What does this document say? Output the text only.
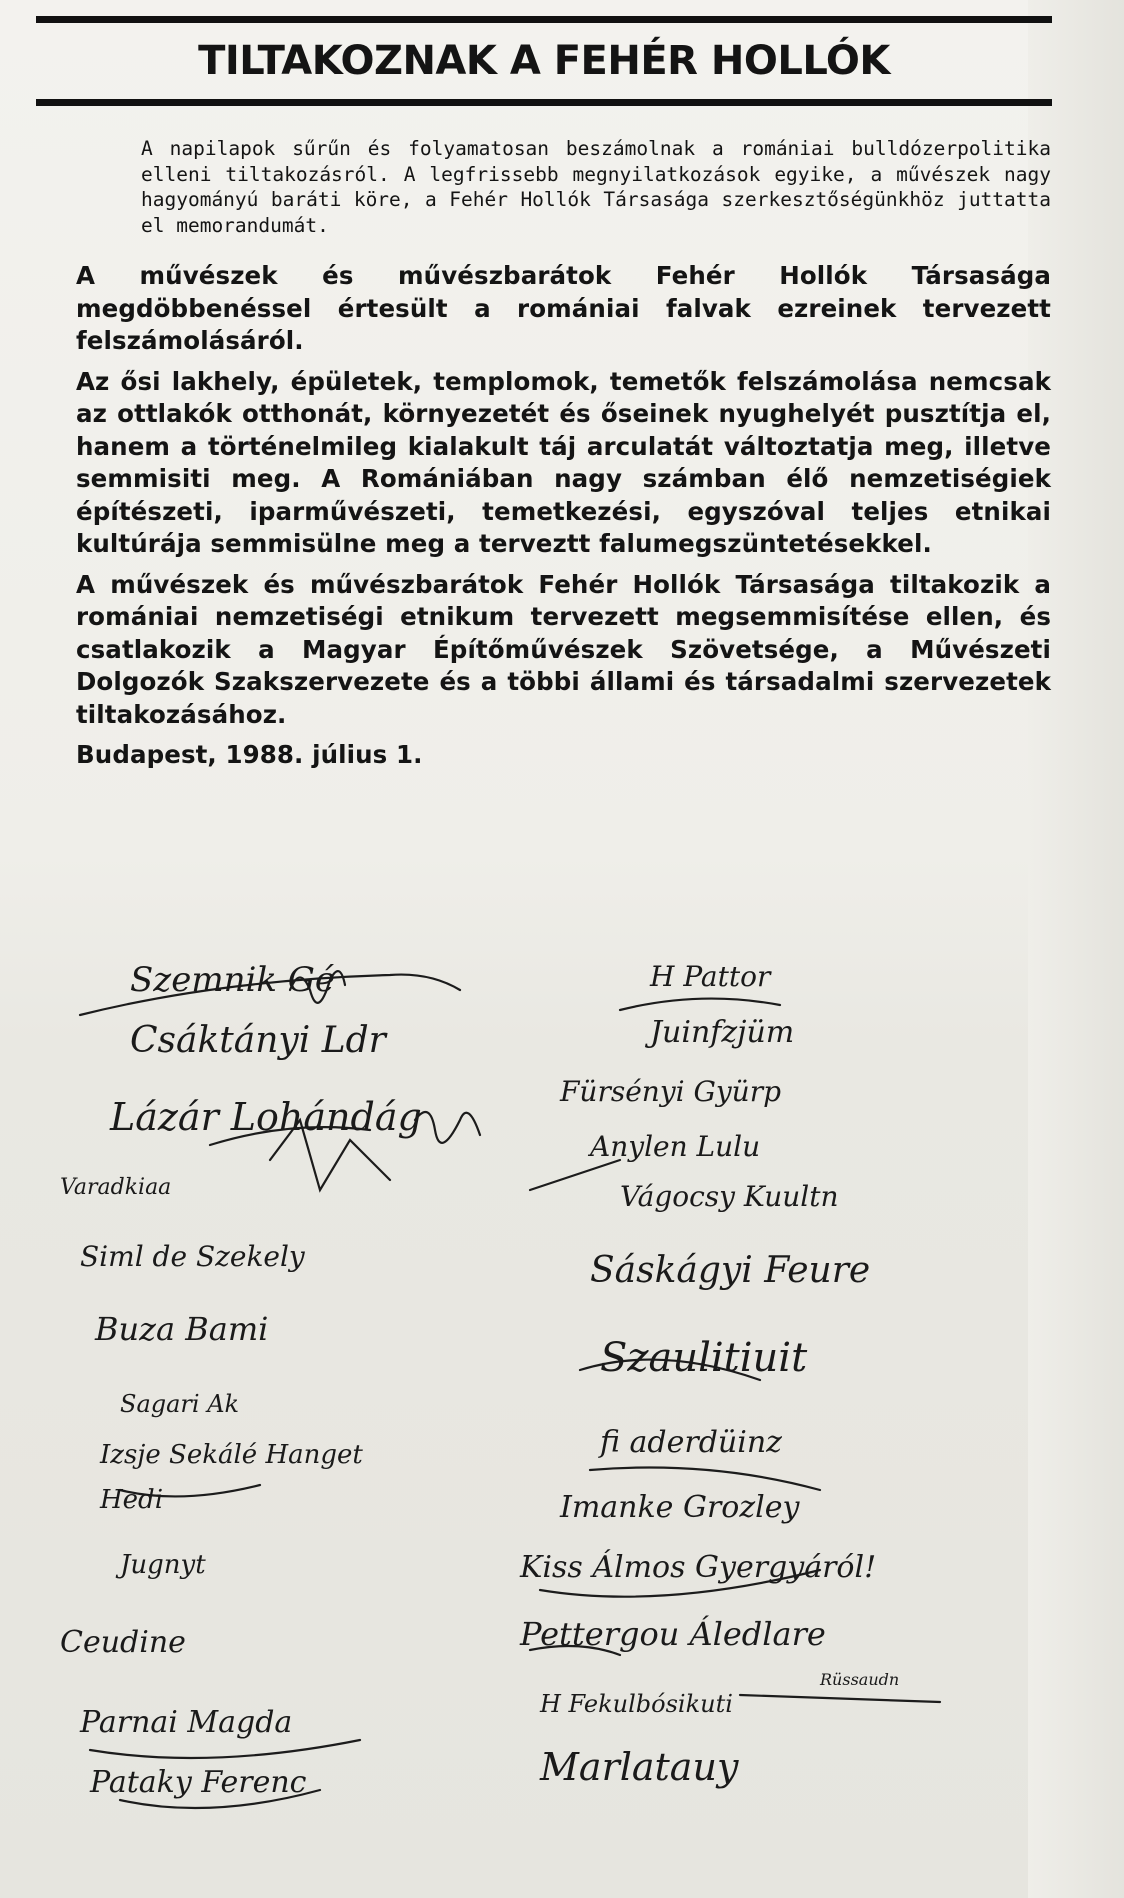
TILTAKOZNAK A FEHÉR HOLLÓK

A napilapok sűrűn és folyamatosan beszámolnak a romániai bulldózerpolitika elleni tiltakozásról. A legfrissebb megnyilatkozások egyike, a művészek nagy hagyományú baráti köre, a Fehér Hollók Társasága szerkesztőségünkhöz juttatta el memorandumát.

A művészek és művészbarátok Fehér Hollók Társasága megdöbbenéssel értesült a romániai falvak ezreinek tervezett felszámolásáról.

Az ősi lakhely, épületek, templomok, temetők felszámolása nemcsak az ottlakók otthonát, környezetét és őseinek nyughelyét pusztítja el, hanem a történelmileg kialakult táj arculatát változtatja meg, illetve semmisiti meg. A Romániában nagy számban élő nemzetiségiek építészeti, iparművészeti, temetkezési, egyszóval teljes etnikai kultúrája semmisülne meg a terveztt falumegszüntetésekkel.

A művészek és művészbarátok Fehér Hollók Társasága tiltakozik a romániai nemzetiségi etnikum tervezett megsemmisítése ellen, és csatlakozik a Magyar Építőművészek Szövetsége, a Művészeti Dolgozók Szakszervezete és a többi állami és társadalmi szervezetek tiltakozásához.

Budapest, 1988. július 1.

Szemnik Gé
Csáktányi Ldr
Lázár Lohándág
Varadkiaa
Siml de Szekely
Buza Bami
Sagari Ak
Izsje Sekálé Hanget
Hedi
Jugnyt
Ceudine
Parnai Magda
Pataky Ferenc
H Pattor
Juinfzjüm
Fürsényi Gyürp
Anylen Lulu
Vágocsy Kuultn
Sáskágyi Feure
Szaulitiuit
fi aderdüinz
Imanke Grozley
Kiss Álmos Gyergyáról!
Pettergou Áledlare
Rüssaudn
H Fekulbósikuti
Marlatauy
